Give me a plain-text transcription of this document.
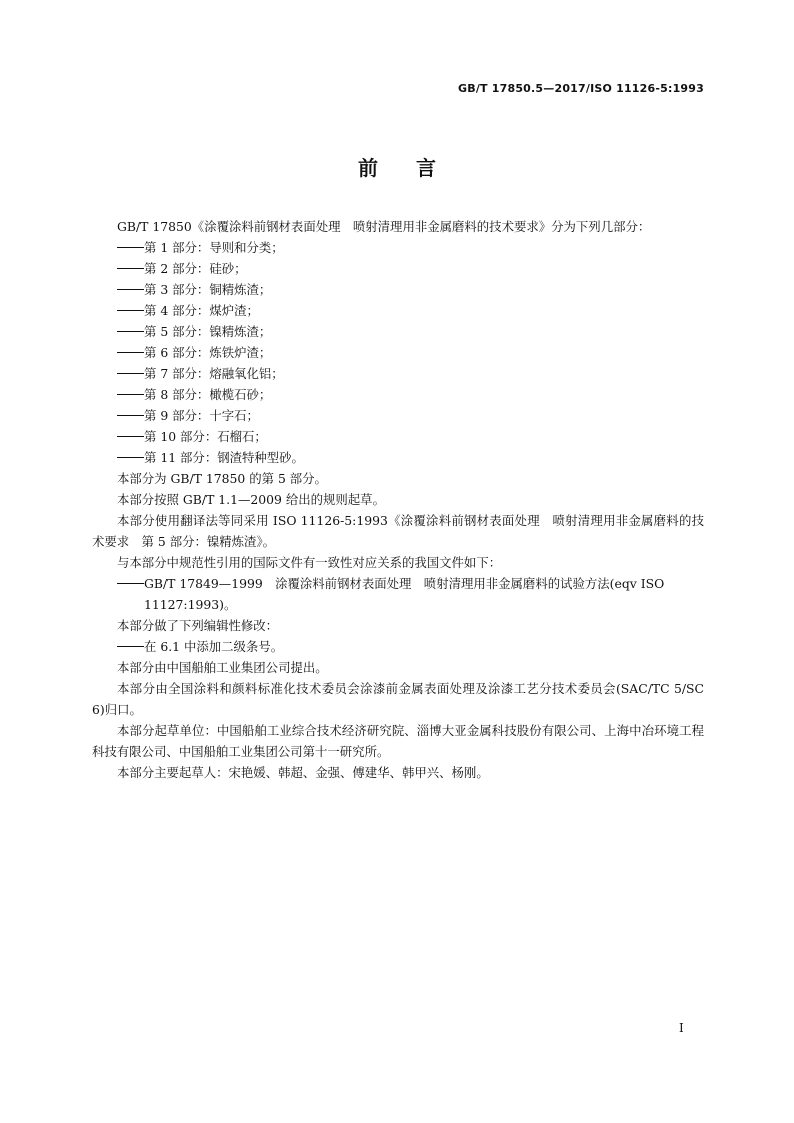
GB/T 17850.5—2017/ISO 11126-5:1993
前言

GB/T 17850《涂覆涂料前钢材表面处理　喷射清理用非金属磨料的技术要求》分为下列几部分：

第 1 部分：导则和分类；

第 2 部分：硅砂；

第 3 部分：铜精炼渣；

第 4 部分：煤炉渣；

第 5 部分：镍精炼渣；

第 6 部分：炼铁炉渣；

第 7 部分：熔融氧化铝；

第 8 部分：橄榄石砂；

第 9 部分：十字石；

第 10 部分：石榴石；

第 11 部分：钢渣特种型砂。

本部分为 GB/T 17850 的第 5 部分。

本部分按照 GB/T 1.1—2009 给出的规则起草。

本部分使用翻译法等同采用 ISO 11126-5:1993《涂覆涂料前钢材表面处理　喷射清理用非金属磨料的技术要求　第 5 部分：镍精炼渣》。

与本部分中规范性引用的国际文件有一致性对应关系的我国文件如下：

GB/T 17849—1999　涂覆涂料前钢材表面处理　喷射清理用非金属磨料的试验方法(eqv ISO 11127:1993)。

本部分做了下列编辑性修改：

在 6.1 中添加二级条号。

本部分由中国船舶工业集团公司提出。

本部分由全国涂料和颜料标准化技术委员会涂漆前金属表面处理及涂漆工艺分技术委员会(SAC/TC 5/SC 6)归口。

本部分起草单位：中国船舶工业综合技术经济研究院、淄博大亚金属科技股份有限公司、上海中冶环境工程科技有限公司、中国船舶工业集团公司第十一研究所。

本部分主要起草人：宋艳媛、韩超、金强、傅建华、韩甲兴、杨刚。

I
